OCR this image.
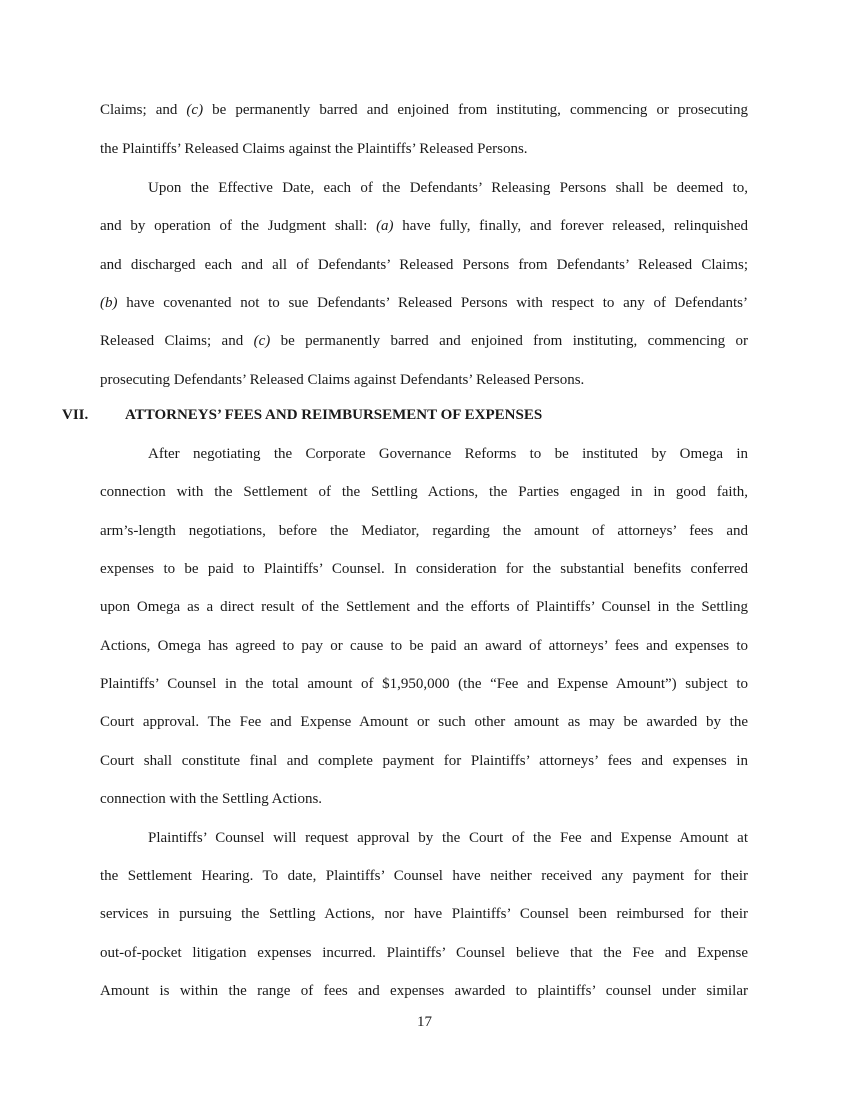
Claims; and (c) be permanently barred and enjoined from instituting, commencing or prosecuting
the Plaintiffs’ Released Claims against the Plaintiffs’ Released Persons.
Upon the Effective Date, each of the Defendants’ Releasing Persons shall be deemed to,
and by operation of the Judgment shall: (a) have fully, finally, and forever released, relinquished
and discharged each and all of Defendants’ Released Persons from Defendants’ Released Claims;
(b) have covenanted not to sue Defendants’ Released Persons with respect to any of Defendants’
Released Claims; and (c) be permanently barred and enjoined from instituting, commencing or
prosecuting Defendants’ Released Claims against Defendants’ Released Persons.
VII. ATTORNEYS’ FEES AND REIMBURSEMENT OF EXPENSES
After negotiating the Corporate Governance Reforms to be instituted by Omega in
connection with the Settlement of the Settling Actions, the Parties engaged in in good faith,
arm’s-length negotiations, before the Mediator, regarding the amount of attorneys’ fees and
expenses to be paid to Plaintiffs’ Counsel. In consideration for the substantial benefits conferred
upon Omega as a direct result of the Settlement and the efforts of Plaintiffs’ Counsel in the Settling
Actions, Omega has agreed to pay or cause to be paid an award of attorneys’ fees and expenses to
Plaintiffs’ Counsel in the total amount of $1,950,000 (the “Fee and Expense Amount”) subject to
Court approval. The Fee and Expense Amount or such other amount as may be awarded by the
Court shall constitute final and complete payment for Plaintiffs’ attorneys’ fees and expenses in
connection with the Settling Actions.
Plaintiffs’ Counsel will request approval by the Court of the Fee and Expense Amount at
the Settlement Hearing. To date, Plaintiffs’ Counsel have neither received any payment for their
services in pursuing the Settling Actions, nor have Plaintiffs’ Counsel been reimbursed for their
out-of-pocket litigation expenses incurred. Plaintiffs’ Counsel believe that the Fee and Expense
Amount is within the range of fees and expenses awarded to plaintiffs’ counsel under similar
17
